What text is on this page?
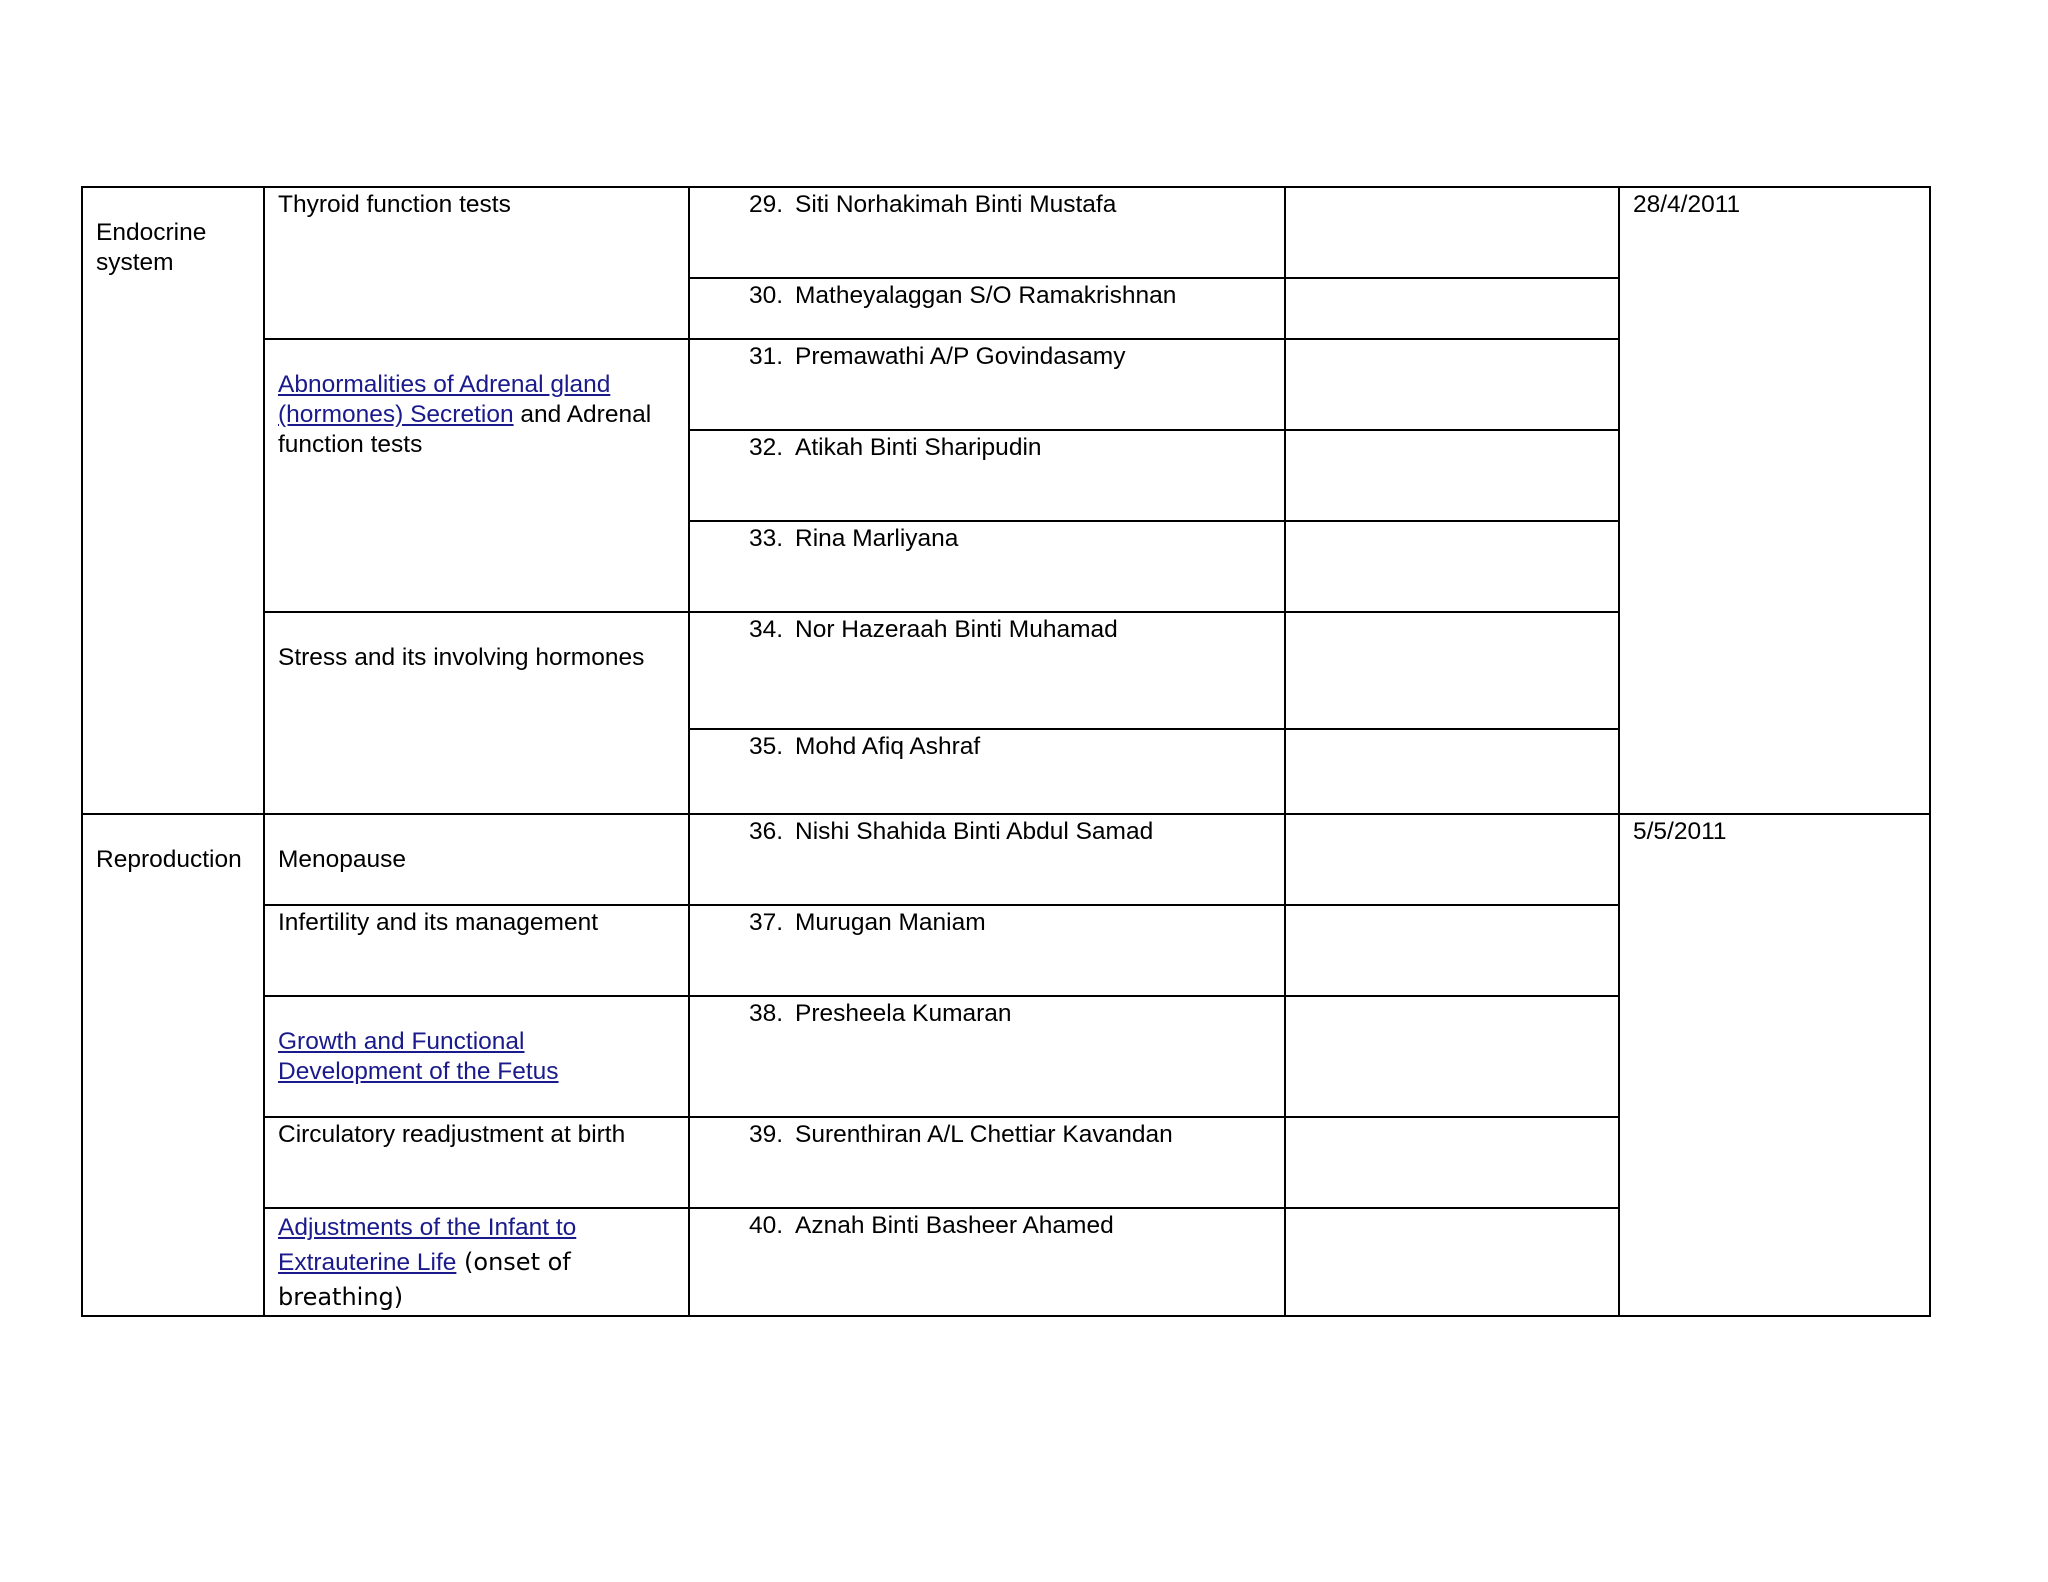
Endocrine system	Thyroid function tests	29. Siti Norhakimah Binti Mustafa		28/4/2011

		30. Matheyalaggan S/O Ramakrishnan		

	Abnormalities of Adrenal gland (hormones) Secretion and Adrenal function tests	31. Premawathi A/P Govindasamy		

		32. Atikah Binti Sharipudin		

		33. Rina Marliyana		

	Stress and its involving hormones	34. Nor Hazeraah Binti Muhamad		

		35. Mohd Afiq Ashraf		

Reproduction	Menopause	36. Nishi Shahida Binti Abdul Samad		5/5/2011

	Infertility and its management	37. Murugan Maniam		

	Growth and Functional Development of the Fetus	38. Presheela Kumaran		

	Circulatory readjustment at birth	39. Surenthiran A/L Chettiar Kavandan		

	Adjustments of the Infant to Extrauterine Life (onset of breathing)	40. Aznah Binti Basheer Ahamed		
